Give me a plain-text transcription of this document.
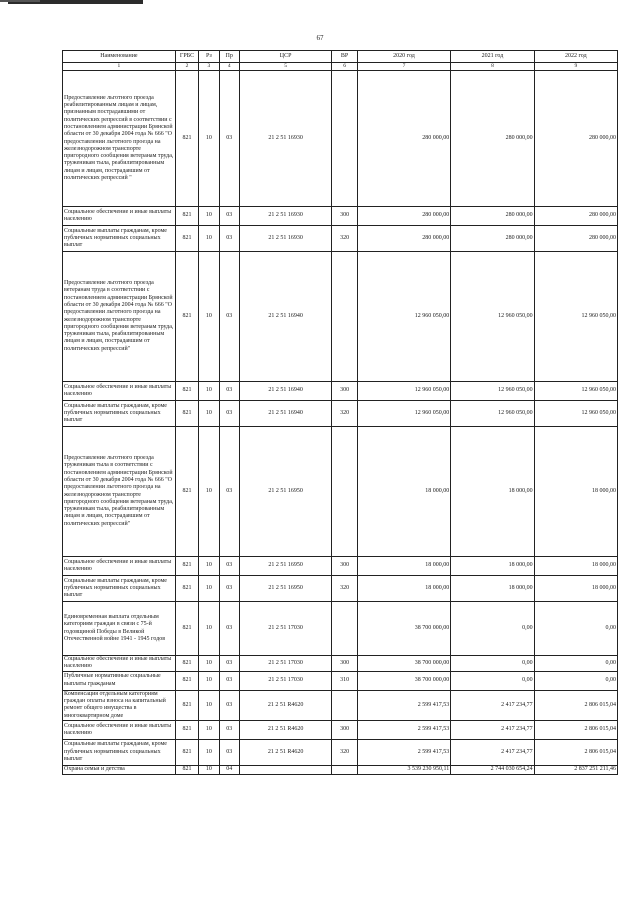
67
Наименование	ГРБС	Рз	Пр	ЦСР	ВР	2020 год	2021 год	2022 год
1	2	3	4	5	6	7	8	9
Предоставление льготного проезда реабилитированным лицам и лицам, признанным пострадавшими от политических репрессий в соответствии с постановлением администрации Брянской области от 30 декабря 2004 года № 666 "О предоставлении льготного проезда на железнодорожном транспорте пригородного сообщения ветеранам труда, труженикам тыла, реабилитированным лицам и лицам, пострадавшим от политических репрессий "	821	10	03	21 2 51 16930		280 000,00	280 000,00	280 000,00
Социальное обеспечение и иные выплаты населению	821	10	03	21 2 51 16930	300	280 000,00	280 000,00	280 000,00
Социальные выплаты гражданам, кроме публичных нормативных социальных выплат	821	10	03	21 2 51 16930	320	280 000,00	280 000,00	280 000,00
Предоставление льготного проезда ветеранам труда в соответствии с постановлением администрации Брянской области от 30 декабря 2004 года № 666 "О предоставлении льготного проезда на железнодорожном транспорте пригородного сообщения ветеранам труда, труженикам тыла, реабилитированным лицам и лицам, пострадавшим от политических репрессий"	821	10	03	21 2 51 16940		12 960 050,00	12 960 050,00	12 960 050,00
Социальное обеспечение и иные выплаты населению	821	10	03	21 2 51 16940	300	12 960 050,00	12 960 050,00	12 960 050,00
Социальные выплаты гражданам, кроме публичных нормативных социальных выплат	821	10	03	21 2 51 16940	320	12 960 050,00	12 960 050,00	12 960 050,00
Предоставление льготного проезда труженикам тыла в соответствии с постановлением администрации Брянской области от 30 декабря 2004 года № 666 "О предоставлении льготного проезда на железнодорожном транспорте пригородного сообщения ветеранам труда, труженикам тыла, реабилитированным лицам и лицам, пострадавшим от политических репрессий"	821	10	03	21 2 51 16950		18 000,00	18 000,00	18 000,00
Социальное обеспечение и иные выплаты населению	821	10	03	21 2 51 16950	300	18 000,00	18 000,00	18 000,00
Социальные выплаты гражданам, кроме публичных нормативных социальных выплат	821	10	03	21 2 51 16950	320	18 000,00	18 000,00	18 000,00
Единовременная выплата отдельным категориям граждан в связи с 75-й годовщиной Победы в Великой Отечественной войне 1941 - 1945 годов	821	10	03	21 2 51 17030		38 700 000,00	0,00	0,00
Социальное обеспечение и иные выплаты населению	821	10	03	21 2 51 17030	300	38 700 000,00	0,00	0,00
Публичные нормативные социальные выплаты гражданам	821	10	03	21 2 51 17030	310	38 700 000,00	0,00	0,00
Компенсация отдельным категориям граждан оплаты взноса на капитальный ремонт общего имущества в многоквартирном доме	821	10	03	21 2 51 R4620		2 599 417,53	2 417 234,77	2 806 015,04
Социальное обеспечение и иные выплаты населению	821	10	03	21 2 51 R4620	300	2 599 417,53	2 417 234,77	2 806 015,04
Социальные выплаты гражданам, кроме публичных нормативных социальных выплат	821	10	03	21 2 51 R4620	320	2 599 417,53	2 417 234,77	2 806 015,04
Охрана семьи и детства	821	10	04			3 539 230 950,11	2 744 030 654,24	2 837 251 211,46
